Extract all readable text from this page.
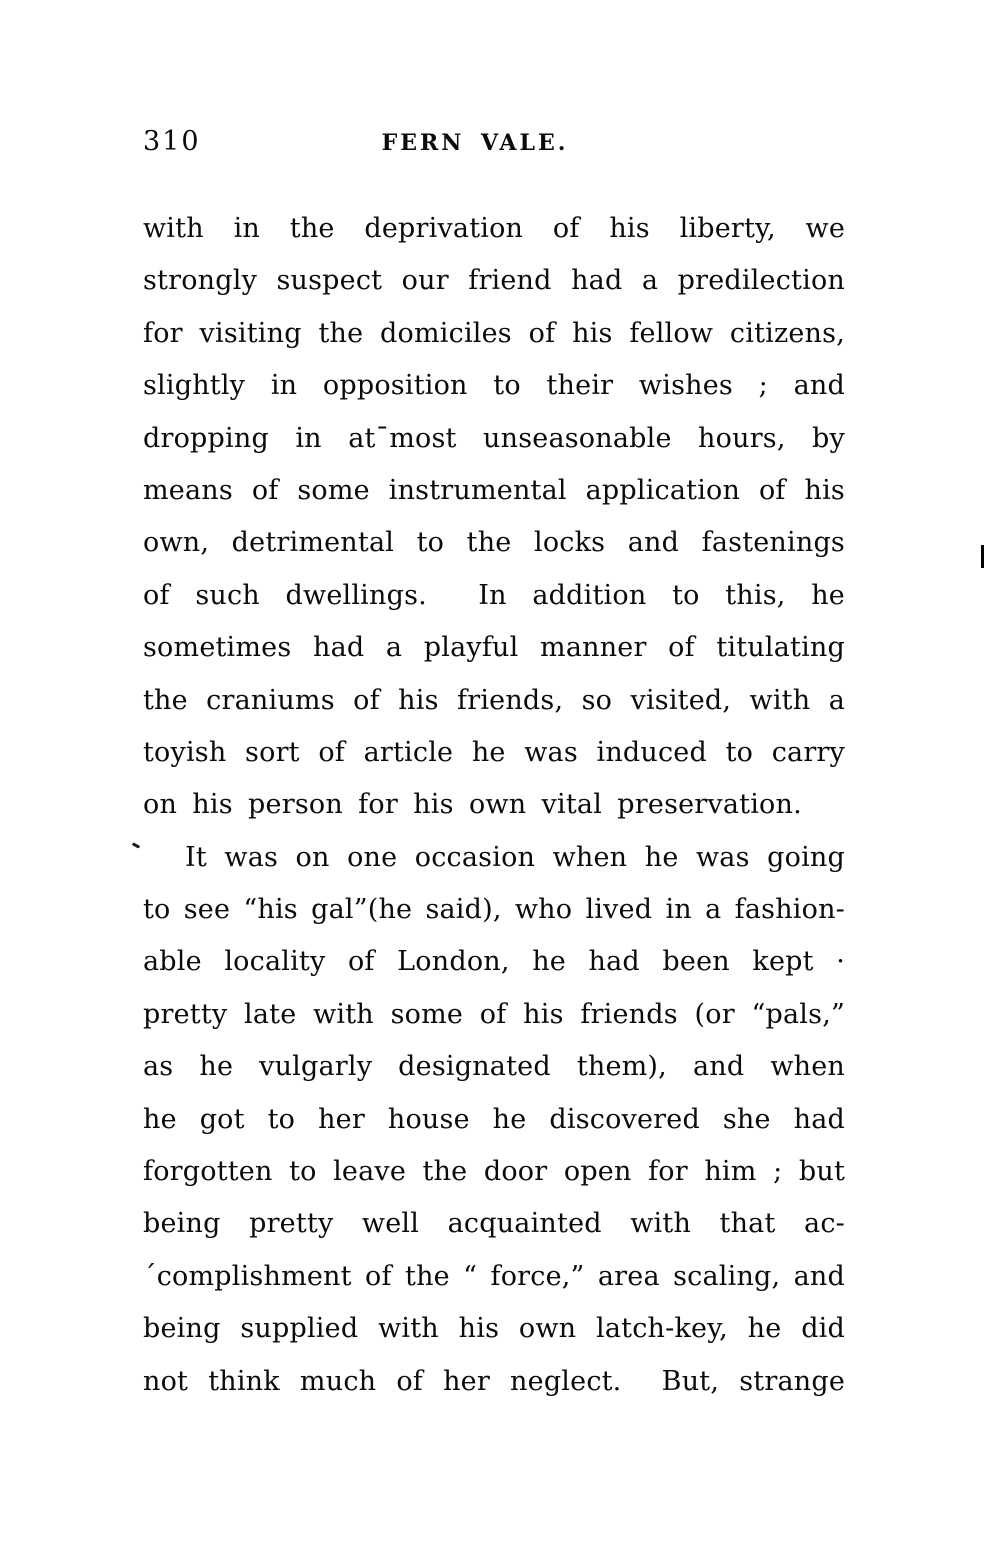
310	FERN VALE.
with in the deprivation of his liberty, we
strongly suspect our friend had a predilection
for visiting the domiciles of his fellow citizens,
slightly in opposition to their wishes ; and
dropping in at¯most unseasonable hours, by
means of some instrumental application of his
own, detrimental to the locks and fastenings
of such dwellings.  In addition to this, he
sometimes had a playful manner of titulating
the craniums of his friends, so visited, with a
toyish sort of article he was induced to carry
on his person for his own vital preservation.
It was on one occasion when he was going
to see “his gal”(he said), who lived in a fashion-
able locality of London, he had been kept ·
pretty late with some of his friends (or “pals,”
as he vulgarly designated them), and when
he got to her house he discovered she had
forgotten to leave the door open for him ; but
being pretty well acquainted with that ac-
´complishment of the “ force,” area scaling, and
being supplied with his own latch-key, he did
not think much of her neglect.  But, strange
